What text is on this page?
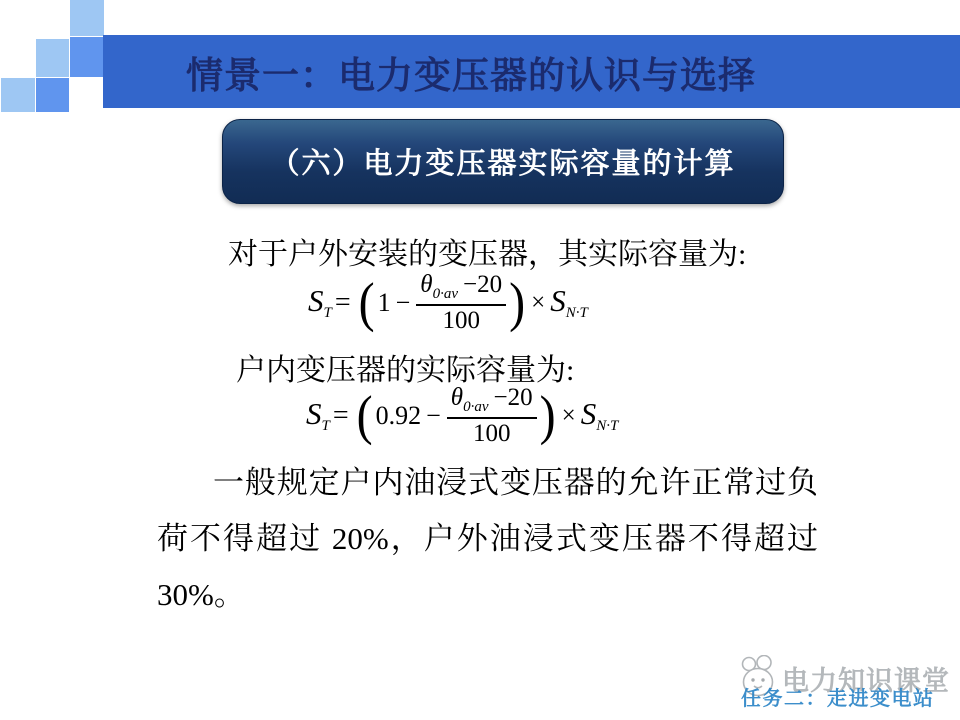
情景一：电力变压器的认识与选择
（六）电力变压器实际容量的计算
对于户外安装的变压器，其实际容量为:
$S_T$ = ( $1 - \frac{\theta_{0\cdot av} -20}{100}$ ) × $S_{N\cdot T}$
户内变压器的实际容量为:
$S_T$ = ( $0.92 - \frac{\theta_{0\cdot av} -20}{100}$ ) × $S_{N\cdot T}$
一般规定户内油浸式变压器的允许正常过负
荷不得超过 20%，户外油浸式变压器不得超过
30%。
电力知识课堂
任务二：走进变电站
